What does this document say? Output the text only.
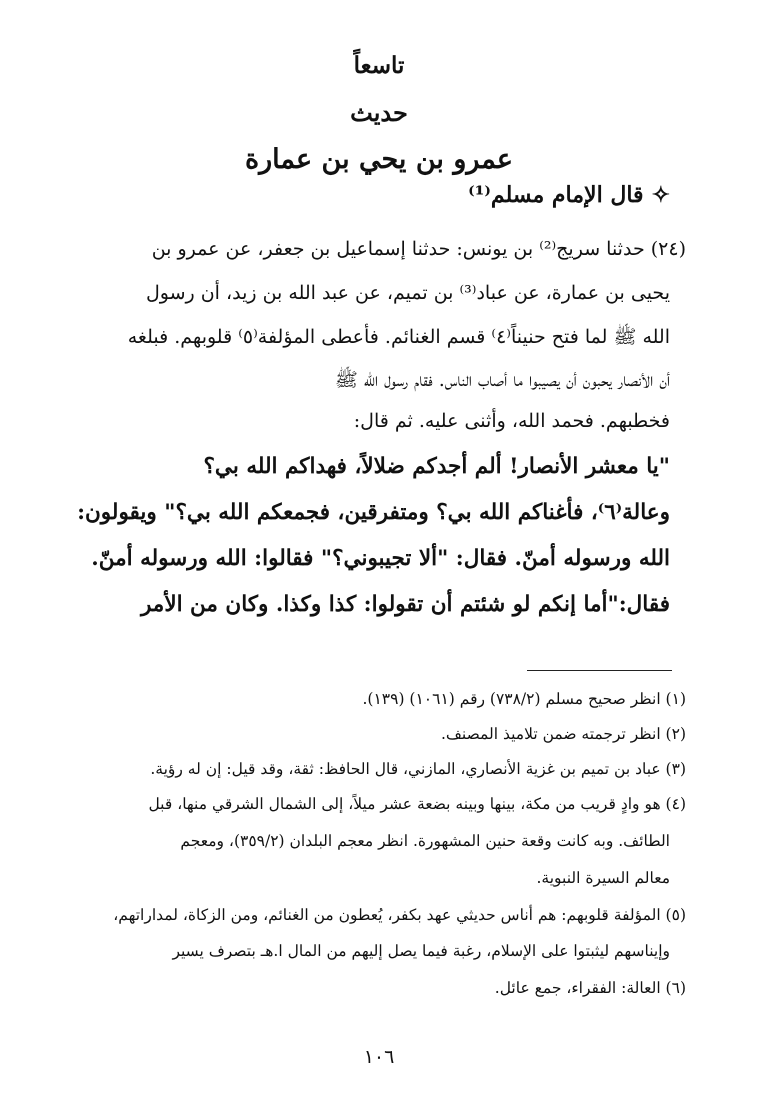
تاسعاً
حديث
عمرو بن يحي بن عمارة

✧قال الإمام مسلم⁽¹⁾

(٢٤) حدثنا سريج⁽²⁾ بن يونس: حدثنا إسماعيل بن جعفر، عن عمرو بن

يحيى بن عمارة، عن عباد⁽³⁾ بن تميم، عن عبد الله بن زيد، أن رسول

الله ﷺ لما فتح حنيناً⁽٤⁾ قسم الغنائم. فأعطى المؤلفة⁽٥⁾ قلوبهم. فبلغه

أن الأنصار يحبون أن يصيبوا ما أصاب الناس. فقام رسول الله ﷺ

فخطبهم. فحمد الله، وأثنى عليه. ثم قال:

"يا معشر الأنصار! ألم أجدكم ضلالاً، فهداكم الله بي؟

وعالة⁽٦⁾، فأغناكم الله بي؟ ومتفرقين، فجمعكم الله بي؟" ويقولون:

الله ورسوله أمنّ. فقال: "ألا تجيبوني؟" فقالوا: الله ورسوله أمنّ.

فقال:"أما إنكم لو شئتم أن تقولوا: كذا وكذا. وكان من الأمر

(١) انظر صحيح مسلم (٧٣٨/٢) رقم (١٠٦١) (١٣٩).

(٢) انظر ترجمته ضمن تلاميذ المصنف.

(٣) عباد بن تميم بن غزية الأنصاري، المازني، قال الحافظ: ثقة، وقد قيل: إن له رؤية.

(٤) هو وادٍ قريب من مكة، بينها وبينه بضعة عشر ميلاً، إلى الشمال الشرقي منها، قبل

الطائف. وبه كانت وقعة حنين المشهورة. انظر معجم البلدان (٣٥٩/٢)، ومعجم

معالم السيرة النبوية.

(٥) المؤلفة قلوبهم: هم أناس حديثي عهد بكفر، يُعطون من الغنائم، ومن الزكاة، لمداراتهم،

وإيناسهم ليثبتوا على الإسلام، رغبة فيما يصل إليهم من المال ا.هـ بتصرف يسير

(٦) العالة: الفقراء، جمع عائل.

١٠٦
